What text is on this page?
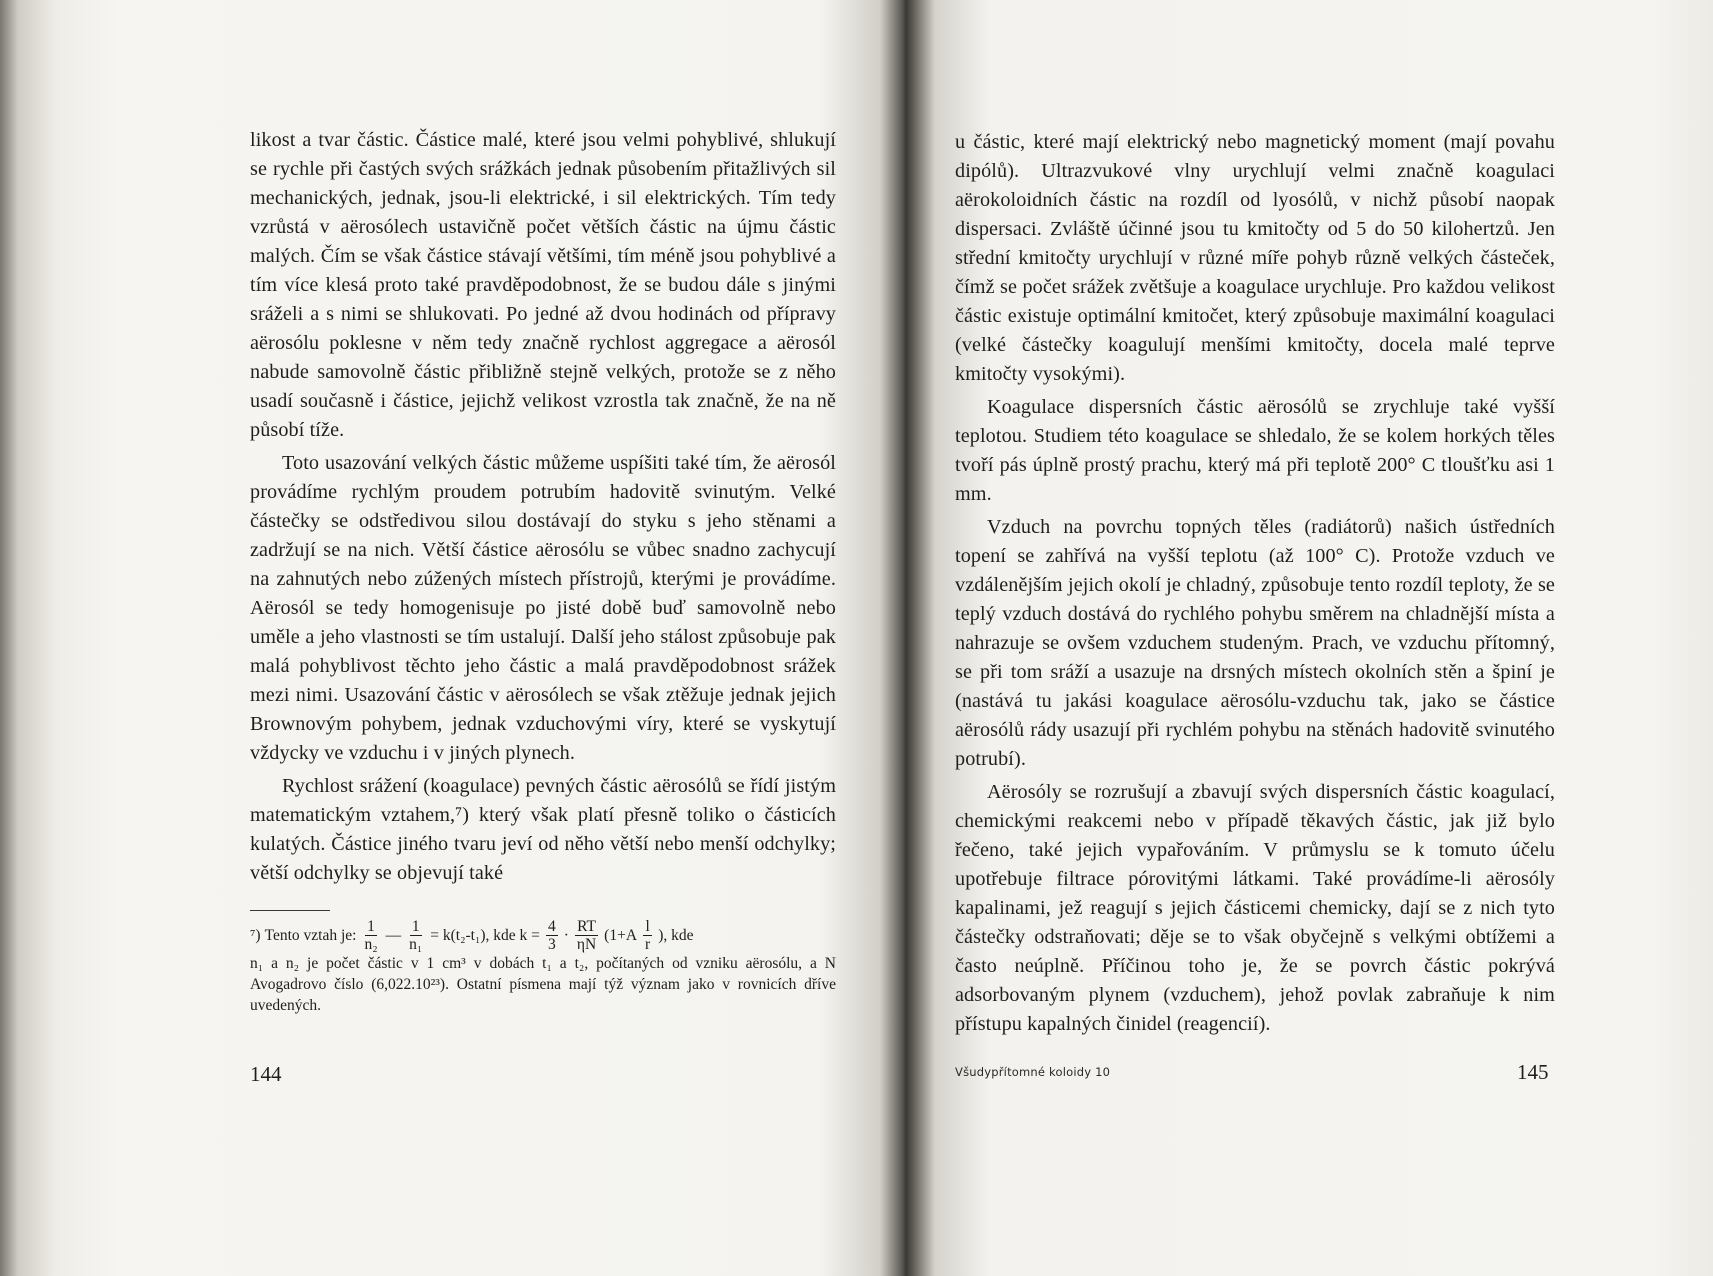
likost a tvar částic. Částice malé, které jsou velmi pohyblivé, shlukují se rychle při častých svých srážkách jednak působením přitažlivých sil mechanických, jednak, jsou-li elektrické, i sil elektrických. Tím tedy vzrůstá v aërosólech ustavičně počet větších částic na újmu částic malých. Čím se však částice stávají většími, tím méně jsou pohyblivé a tím více klesá proto také pravděpodobnost, že se budou dále s jinými sráželi a s nimi se shlukovati. Po jedné až dvou hodinách od přípravy aërosólu poklesne v něm tedy značně rychlost aggregace a aërosól nabude samovolně částic přibližně stejně velkých, protože se z něho usadí současně i částice, jejichž velikost vzrostla tak značně, že na ně působí tíže.

Toto usazování velkých částic můžeme uspíšiti také tím, že aërosól provádíme rychlým proudem potrubím hadovitě svinutým. Velké částečky se odstředivou silou dostávají do styku s jeho stěnami a zadržují se na nich. Větší částice aërosólu se vůbec snadno zachycují na zahnutých nebo zúžených místech přístrojů, kterými je provádíme. Aërosól se tedy homogenisuje po jisté době buď samovolně nebo uměle a jeho vlastnosti se tím ustalují. Další jeho stálost způsobuje pak malá pohyblivost těchto jeho částic a malá pravděpodobnost srážek mezi nimi. Usazování částic v aërosólech se však ztěžuje jednak jejich Brownovým pohybem, jednak vzduchovými víry, které se vyskytují vždycky ve vzduchu i v jiných plynech.

Rychlost srážení (koagulace) pevných částic aërosólů se řídí jistým matematickým vztahem,⁷) který však platí přesně toliko o částicích kulatých. Částice jiného tvaru jeví od něho větší nebo menší odchylky; větší odchylky se objevují také

⁷) Tento vztah je: $\frac{1}{\text{n₂}}$ — $\frac{1}{\text{n₁}} = k(t_2-t_1)$, kde $k = \frac{4}{3} \cdot \frac{RT}{\eta N} (1+A \frac{l}{r}$ ), kde
n₁ a n₂ je počet částic v 1 cm³ v dobách t₁ a t₂, počítaných od vzniku aërosólu, a N Avogadrovo číslo (6,022.10²³). Ostatní písmena mají týž význam jako v rovnicích dříve uvedených.
144

u částic, které mají elektrický nebo magnetický moment (mají povahu dipólů). Ultrazvukové vlny urychlují velmi značně koagulaci aërokoloidních částic na rozdíl od lyosólů, v nichž působí naopak dispersaci. Zvláště účinné jsou tu kmitočty od 5 do 50 kilohertzů. Jen střední kmitočty urychlují v různé míře pohyb různě velkých částeček, čímž se počet srážek zvětšuje a koagulace urychluje. Pro každou velikost částic existuje optimální kmitočet, který způsobuje maximální koagulaci (velké částečky koagulují menšími kmitočty, docela malé teprve kmitočty vysokými).

Koagulace dispersních částic aërosólů se zrychluje také vyšší teplotou. Studiem této koagulace se shledalo, že se kolem horkých těles tvoří pás úplně prostý prachu, který má při teplotě 200° C tloušťku asi 1 mm.

Vzduch na povrchu topných těles (radiátorů) našich ústředních topení se zahřívá na vyšší teplotu (až 100° C). Protože vzduch ve vzdálenějším jejich okolí je chladný, způsobuje tento rozdíl teploty, že se teplý vzduch dostává do rychlého pohybu směrem na chladnější místa a nahrazuje se ovšem vzduchem studeným. Prach, ve vzduchu přítomný, se při tom sráží a usazuje na drsných místech okolních stěn a špiní je (nastává tu jakási koagulace aërosólu-vzduchu tak, jako se částice aërosólů rády usazují při rychlém pohybu na stěnách hadovitě svinutého potrubí).

Aërosóly se rozrušují a zbavují svých dispersních částic koagulací, chemickými reakcemi nebo v případě těkavých částic, jak již bylo řečeno, také jejich vypařováním. V průmyslu se k tomuto účelu upotřebuje filtrace pórovitými látkami. Také provádíme-li aërosóly kapalinami, jež reagují s jejich částicemi chemicky, dají se z nich tyto částečky odstraňovati; děje se to však obyčejně s velkými obtížemi a často neúplně. Příčinou toho je, že se povrch částic pokrývá adsorbovaným plynem (vzduchem), jehož povlak zabraňuje k nim přístupu kapalných činidel (reagencií).

Všudypřítomné koloidy 10	145
